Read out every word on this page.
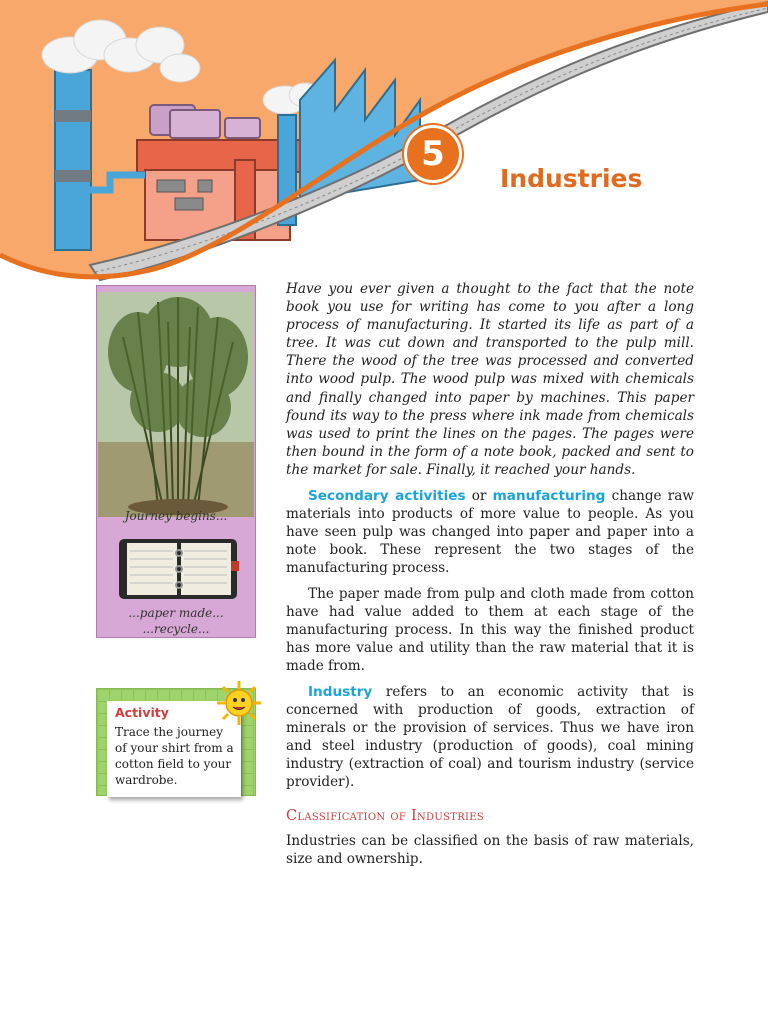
5
Industries
Journey begins...
...paper made...
...recycle...

Activity

Trace the journey of your shirt from a cotton field to your wardrobe.

Have you ever given a thought to the fact that the note book you use for writing has come to you after a long process of manufacturing. It started its life as part of a tree. It was cut down and transported to the pulp mill. There the wood of the tree was processed and converted into wood pulp. The wood pulp was mixed with chemicals and finally changed into paper by machines. This paper found its way to the press where ink made from chemicals was used to print the lines on the pages. The pages were then bound in the form of a note book, packed and sent to the market for sale. Finally, it reached your hands.

Secondary activities or manufacturing change raw materials into products of more value to people. As you have seen pulp was changed into paper and paper into a note book. These represent the two stages of the manufacturing process.

The paper made from pulp and cloth made from cotton have had value added to them at each stage of the manufacturing process. In this way the finished product has more value and utility than the raw material that it is made from.

Industry refers to an economic activity that is concerned with production of goods, extraction of minerals or the provision of services. Thus we have iron and steel industry (production of goods), coal mining industry (extraction of coal) and tourism industry (service provider).

Classification of Industries

Industries can be classified on the basis of raw materials, size and ownership.
